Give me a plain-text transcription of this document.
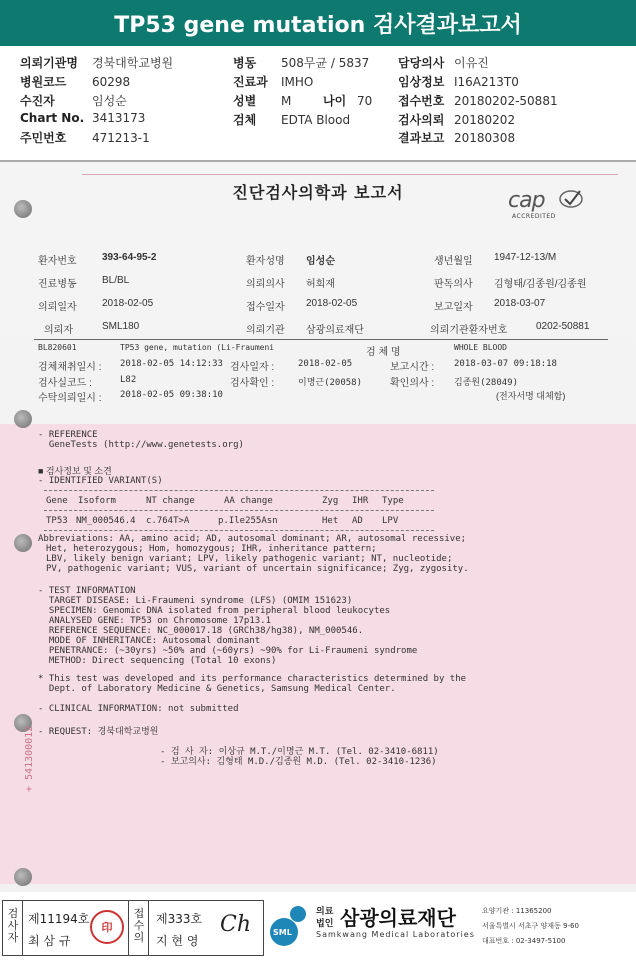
TP53 gene mutation 검사결과보고서
의뢰기관명 경북대학교병원
병원코드 60298
수진자	임성순
Chart No. 3413173
주민번호 471213-1
병동 508무균 / 5837
진료과 IMHO
성별 M	나이 70
검체 EDTA Blood
담당의사 이유진
임상정보 I16A213T0
접수번호 20180202-50881
검사의뢰 20180202
결과보고 20180308
진단검사의학과 보고서	cap
ACCREDITED
환자번호	393-64-95-2	환자성명 임성순	생년월일 1947-12-13/M
진료병동	BL/BL	의뢰의사 허희재	판독의사 김형태/김종원/김종원
의뢰일자	2018-02-05	접수일자 2018-02-05	보고일자 2018-03-07
의뢰자	SML180	의뢰기관 삼광의료재단	의뢰기관환자번호	0202-50881
BL820601	TP53 gene, mutation (Li-Fraumeni	검 체 명	WHOLE BLOOD
검체채취일시 : 2018-02-05 14:12:33 검사일자 :	2018-02-05	보고시간 : 2018-03-07 09:18:18
검사실코드 :	L82	검사확인 :	이명근(20058)	확인의사 : 김종원(28049)
수탁의뢰일시 : 2018-02-05 09:38:10	(전자서명 대체함)
- REFERENCE
GeneTests (http://www.genetests.org)
■ 검사정보 및 소견
- IDENTIFIED VARIANT(S)
Gene Isoform	NT change	AA change	Zyg IHR Type
TP53 NM_000546.4 c.764T>A	p.Ile255Asn	Het AD LPV
Abbreviations: AA, amino acid; AD, autosomal dominant; AR, autosomal recessive;
Het, heterozygous; Hom, homozygous; IHR, inheritance pattern;
LBV, likely benign variant; LPV, likely pathogenic variant; NT, nucleotide;
PV, pathogenic variant; VUS, variant of uncertain significance; Zyg, zygosity.
- TEST INFORMATION
TARGET DISEASE: Li-Fraumeni syndrome (LFS) (OMIM 151623)
SPECIMEN: Genomic DNA isolated from peripheral blood leukocytes
ANALYSED GENE: TP53 on Chromosome 17p13.1
REFERENCE SEQUENCE: NC_000017.18 (GRCh38/hg38), NM_000546.
MODE OF INHERITANCE: Autosomal dominant
PENETRANCE: (~30yrs) ~50% and (~60yrs) ~90% for Li-Fraumeni syndrome
METHOD: Direct sequencing (Total 10 exons)
* This test was developed and its performance characteristics determined by the
Dept. of Laboratory Medicine & Genetics, Samsung Medical Center.
- CLINICAL INFORMATION: not submitted
- REQUEST: 경북대학교병원
- 검 사 자: 이상규 M.T./이명근 M.T. (Tel. 02-3410-6811)
- 보고의사: 김형태 M.D./김종원 M.D. (Tel. 02-3410-1236)
+ 541300012
검사자
제11194호
최 삼 규
印
접수의
제333호
지 현 영
Ch	SML
의료
법인 삼광의료재단
Samkwang Medical Laboratories
요양기관 : 11365200
서울특별시 서초구 양재동 9-60
대표번호 : 02-3497-5100
